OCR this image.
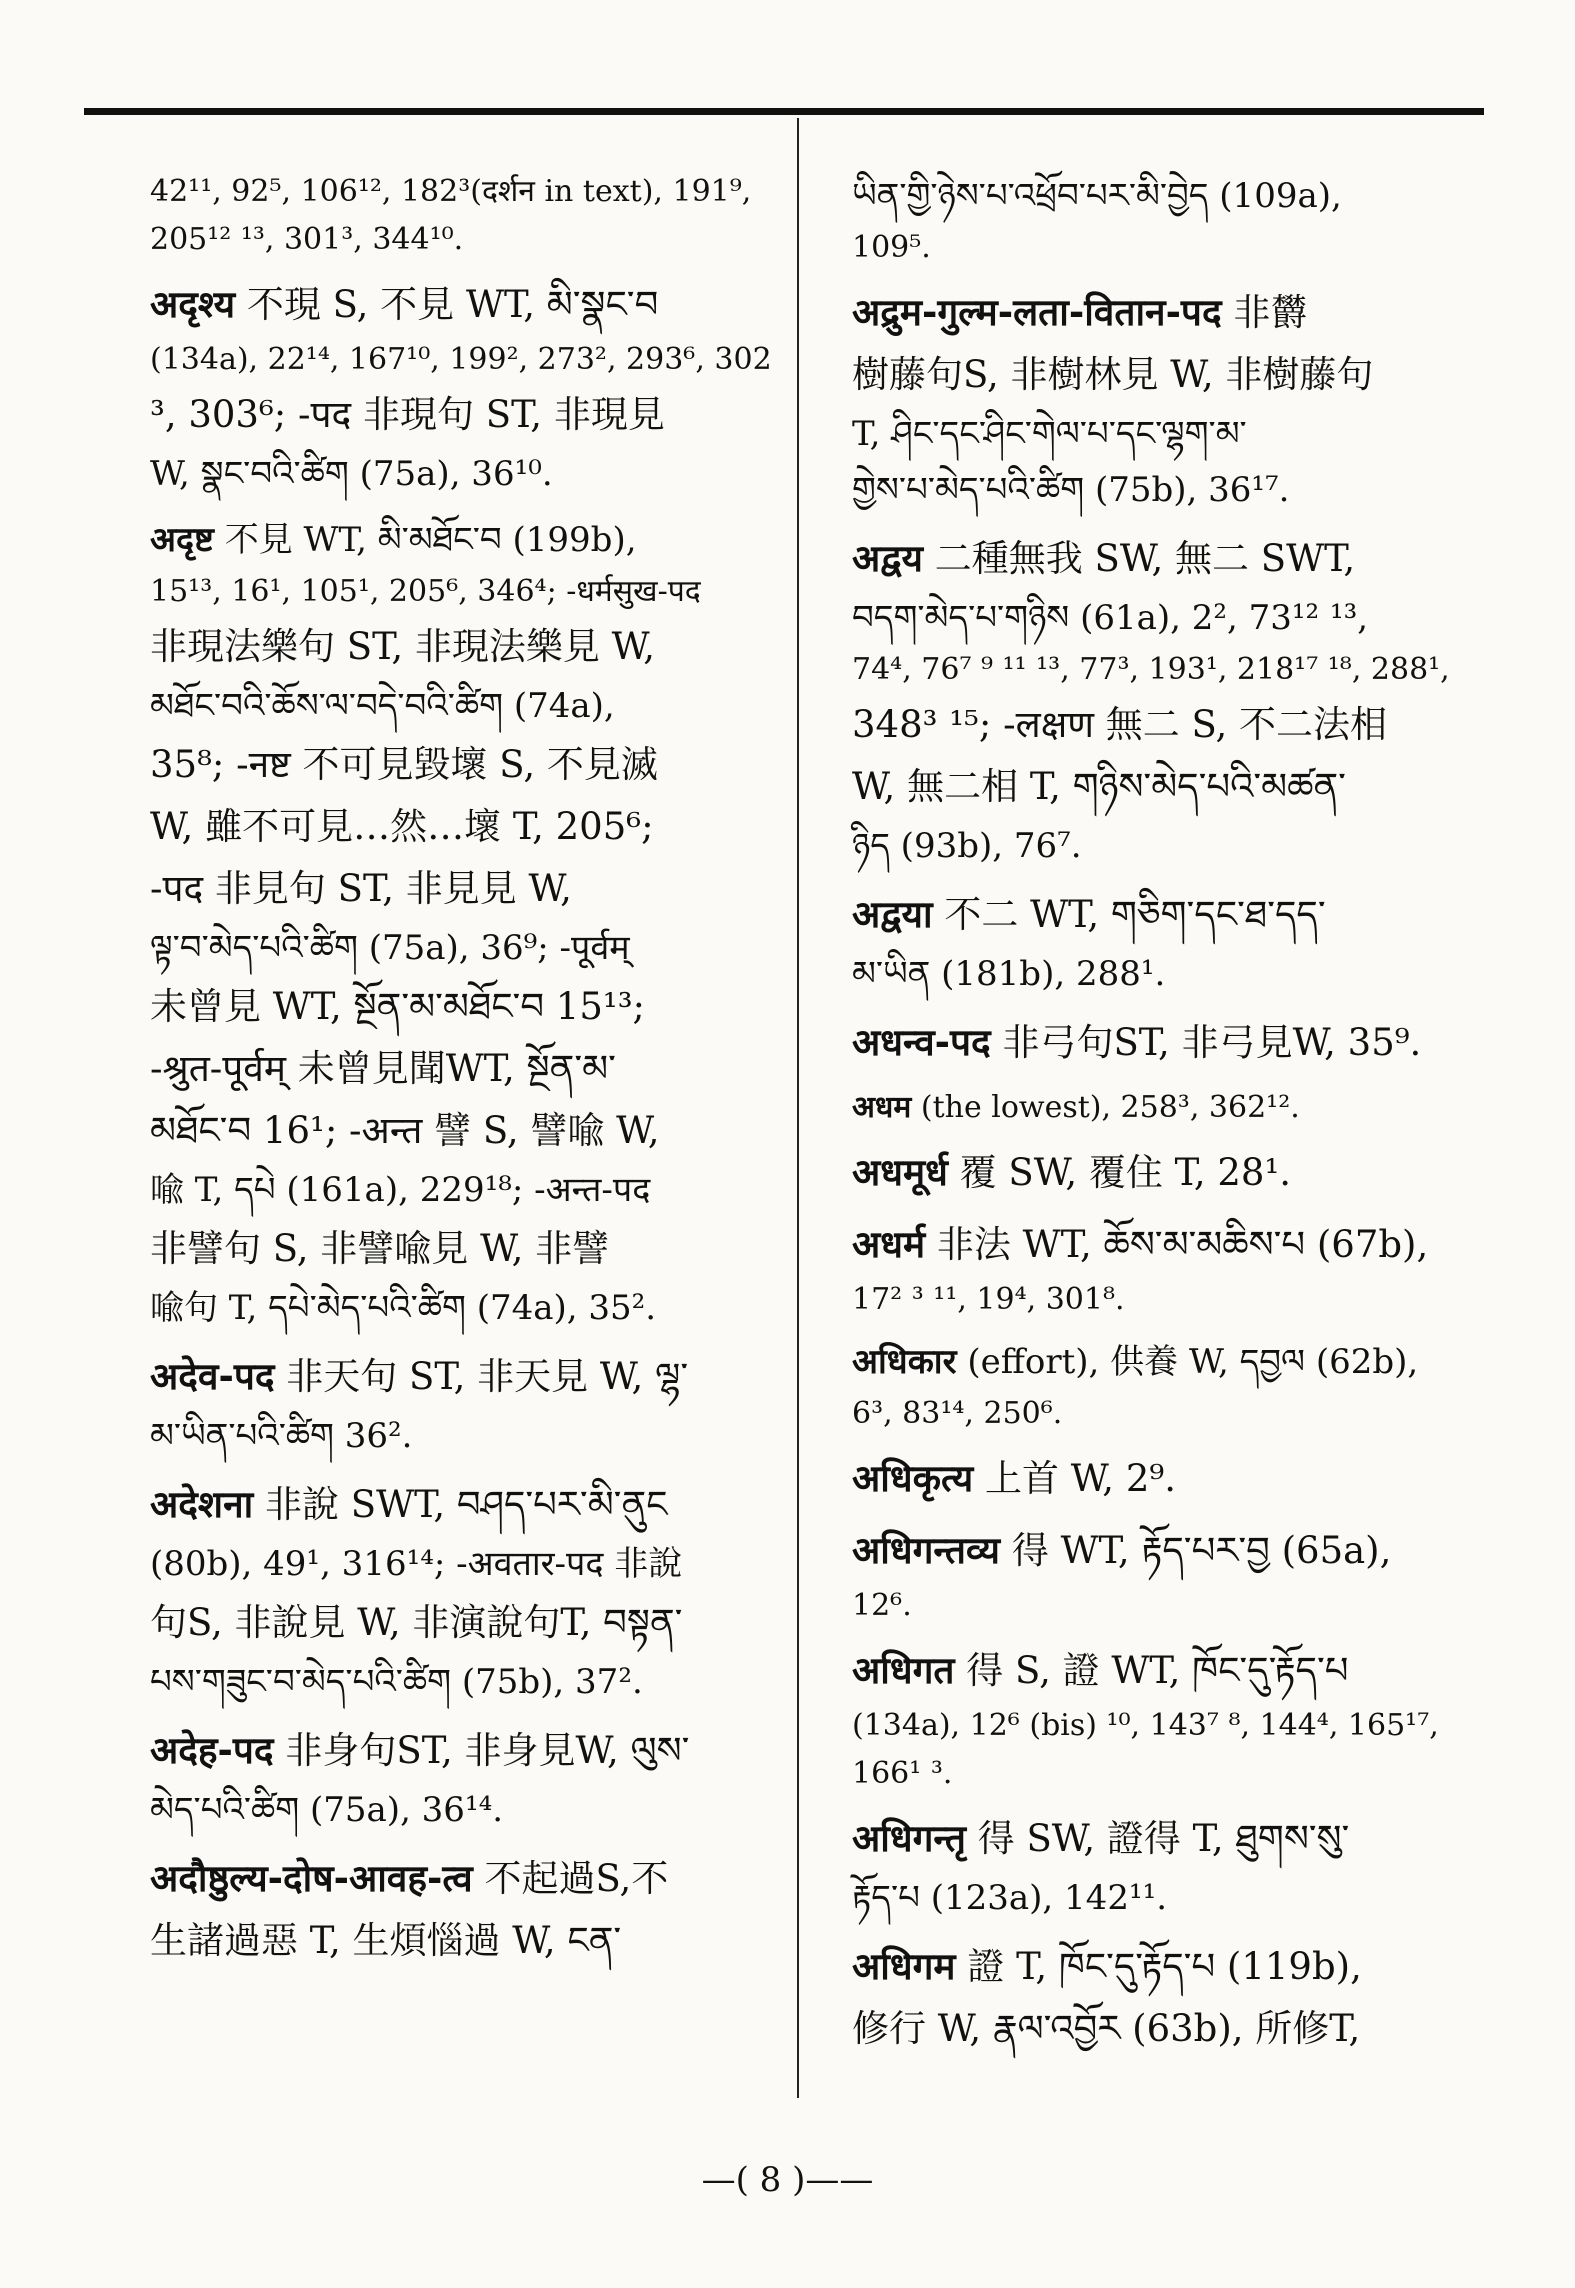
42¹¹, 92⁵, 106¹², 182³(दर्शन in text), 191⁹,
205¹² ¹³, 301³, 344¹⁰.
अदृश्य 不現 S, 不見 WT, མི་སྣང་བ
(134a), 22¹⁴, 167¹⁰, 199², 273², 293⁶, 302
³, 303⁶; -पद 非現句 ST, 非現見
W, སྣང་བའི་ཚིག (75a), 36¹⁰.
अदृष्ट 不見 WT, མི་མཐོང་བ (199b),
15¹³, 16¹, 105¹, 205⁶, 346⁴; -धर्मसुख-पद
非現法樂句 ST, 非現法樂見 W,
མཐོང་བའི་ཆོས་ལ་བདེ་བའི་ཚིག (74a),
35⁸; -नष्ट 不可見毀壞 S, 不見滅
W, 雖不可見…然…壞 T, 205⁶;
-पद 非見句 ST, 非見見 W,
ལྟ་བ་མེད་པའི་ཚིག (75a), 36⁹; -पूर्वम्
未曾見 WT, སྔོན་མ་མཐོང་བ 15¹³;
-श्रुत-पूर्वम् 未曾見聞WT, སྔོན་མ་
མཐོང་བ 16¹; -अन्त 譬 S, 譬喩 W,
喩 T, དཔེ (161a), 229¹⁸; -अन्त-पद
非譬句 S, 非譬喩見 W, 非譬
喩句 T, དཔེ་མེད་པའི་ཚིག (74a), 35².
अदेव-पद 非天句 ST, 非天見 W, ལྷ་
མ་ཡིན་པའི་ཚིག 36².
अदेशना 非說 SWT, བཤད་པར་མི་ནུང
(80b), 49¹, 316¹⁴; -अवतार-पद 非說
句S, 非說見 W, 非演說句T, བསྟན་
པས་གཟུང་བ་མེད་པའི་ཚིག (75b), 37².
अदेह-पद 非身句ST, 非身見W, ལུས་
མེད་པའི་ཚིག (75a), 36¹⁴.
अदौष्ठुल्य-दोष-आवह-त्व 不起過S,不
生諸過惡 T, 生煩惱過 W, ངན་
ཡིན་གྱི་ཉེས་པ་འཕྲོབ་པར་མི་བྱེད (109a),
109⁵.
अद्रुम-गुल्म-लता-वितान-पद 非欝
樹藤句S, 非樹林見 W, 非樹藤句
T, ཤིང་དང་ཤིང་གེལ་པ་དང་ལྷག་མ་
གྱེས་པ་མེད་པའི་ཚིག (75b), 36¹⁷.
अद्वय 二種無我 SW, 無二 SWT,
བདག་མེད་པ་གཉིས (61a), 2², 73¹² ¹³,
74⁴, 76⁷ ⁹ ¹¹ ¹³, 77³, 193¹, 218¹⁷ ¹⁸, 288¹,
348³ ¹⁵; -लक्षण 無二 S, 不二法相
W, 無二相 T, གཉིས་མེད་པའི་མཚན་
ཉིད (93b), 76⁷.
अद्वया 不二 WT, གཅིག་དང་ཐ་དད་
མ་ཡིན (181b), 288¹.
अधन्व-पद 非弓句ST, 非弓見W, 35⁹.
अधम (the lowest), 258³, 362¹².
अधमूर्ध 覆 SW, 覆住 T, 28¹.
अधर्म 非法 WT, ཆོས་མ་མཆིས་པ (67b),
17² ³ ¹¹, 19⁴, 301⁸.
अधिकार (effort), 供養 W, དབྱལ (62b),
6³, 83¹⁴, 250⁶.
अधिकृत्य 上首 W, 2⁹.
अधिगन्तव्य 得 WT, རྟོད་པར་བྱ (65a),
12⁶.
अधिगत 得 S, 證 WT, ཁོང་དུ་རྟོད་པ
(134a), 12⁶ (bis) ¹⁰, 143⁷ ⁸, 144⁴, 165¹⁷,
166¹ ³.
अधिगन्तृ 得 SW, 證得 T, ཐུགས་སུ་
རྟོད་པ (123a), 142¹¹.
अधिगम 證 T, ཁོང་དུ་རྟོད་པ (119b),
修行 W, རྣལ་འབྱོར (63b), 所修T,
—( 8 )——
